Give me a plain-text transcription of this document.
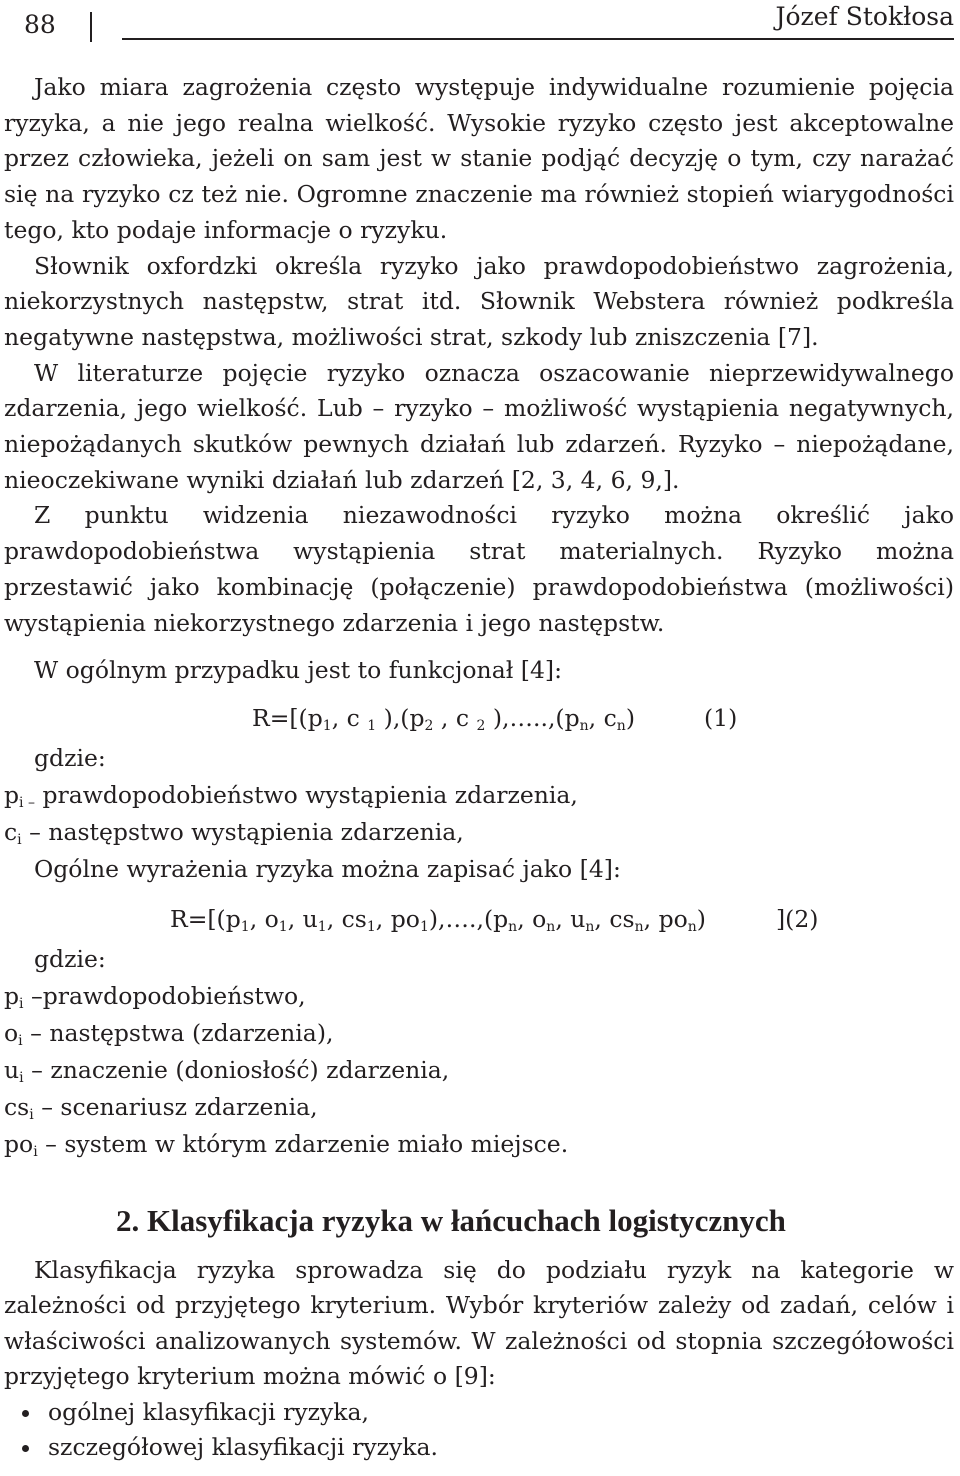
88	Józef Stokłosa

Jako miara zagrożenia często występuje indywidualne rozumienie pojęcia ryzyka, a nie jego realna wielkość. Wysokie ryzyko często jest akceptowalne przez człowieka, jeżeli on sam jest w stanie podjąć decyzję o tym, czy narażać się na ryzyko cz też nie. Ogromne znaczenie ma również stopień wiarygodności tego, kto podaje informacje o ryzyku.

Słownik oxfordzki określa ryzyko jako prawdopodobieństwo zagrożenia, niekorzystnych następstw, strat itd. Słownik Webstera również podkreśla negatywne następstwa, możliwości strat, szkody lub zniszczenia [7].

W literaturze pojęcie ryzyko oznacza oszacowanie nieprzewidywalnego zdarzenia, jego wielkość. Lub – ryzyko – możliwość wystąpienia negatywnych, niepożądanych skutków pewnych działań lub zdarzeń. Ryzyko – niepożądane, nieoczekiwane wyniki działań lub zdarzeń [2, 3, 4, 6, 9,].

Z punktu widzenia niezawodności ryzyko można określić jako prawdopodobieństwa wystąpienia strat materialnych. Ryzyko można przestawić jako kombinację (połączenie) prawdopodobieństwa (możliwości) wystąpienia niekorzystnego zdarzenia i jego następstw.

W ogólnym przypadku jest to funkcjonał [4]:

$R=[(p_1$, c $_1$ )$,(p_2$ , c $_2$ )$,\dots..,(p_n$, $c_n$)	(1)
gdzie:
$p_{i -}$ prawdopodobieństwo wystąpienia zdarzenia,
$c_i$ – następstwo wystąpienia zdarzenia,
Ogólne wyrażenia ryzyka można zapisać jako [4]:
$R=[(p_1$, $o_1$, $u_1$, $cs_1$, $po_1),\dots.,(p_n$, $o_n$, $u_n$, $cs_n$, $po_n$)	](2)
gdzie:
$p_i$ –prawdopodobieństwo,
$o_i$ – następstwa (zdarzenia),
$u_i$ – znaczenie (doniosłość) zdarzenia,
$cs_i$ – scenariusz zdarzenia,
$po_i$ – system w którym zdarzenie miało miejsce.
2. Klasyfikacja ryzyka w łańcuchach logistycznych

Klasyfikacja ryzyka sprowadza się do podziału ryzyk na kategorie w zależności od przyjętego kryterium. Wybór kryteriów zależy od zadań, celów i właściwości analizowanych systemów. W zależności od stopnia szczegółowości przyjętego kryterium można mówić o [9]:

ogólnej klasyfikacji ryzyka,
szczegółowej klasyfikacji ryzyka.
